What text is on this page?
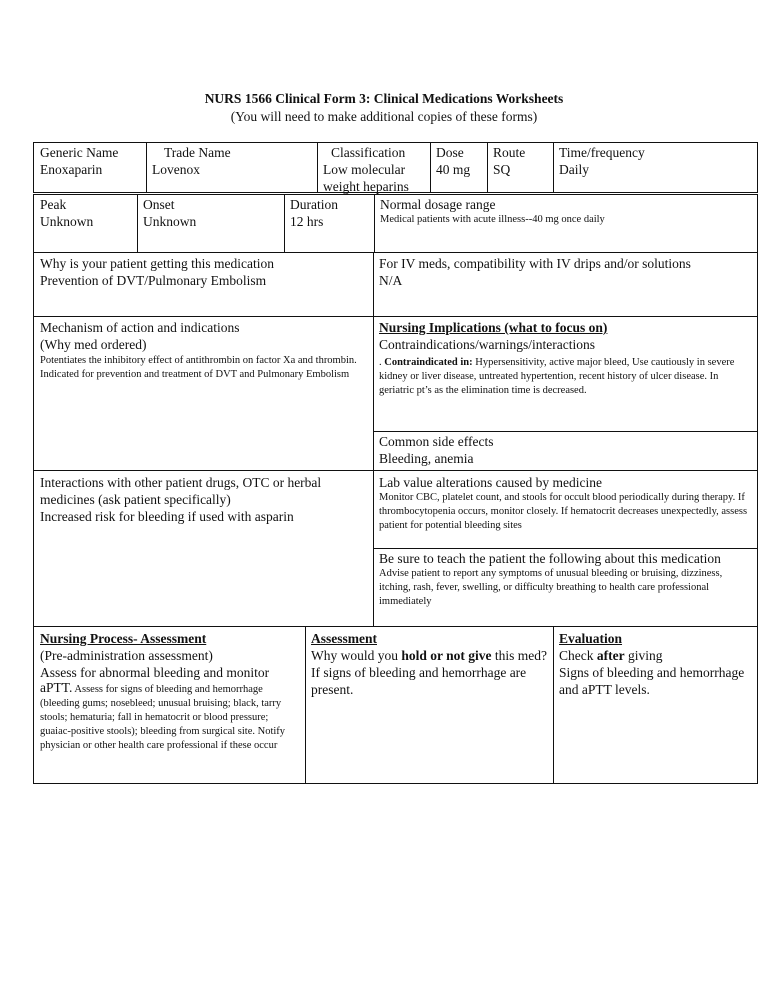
NURS 1566 Clinical Form 3: Clinical Medications Worksheets
(You will need to make additional copies of these forms)

Generic Name

Enoxaparin

Trade Name

Lovenox

Classification

Low molecular

weight heparins

Dose

40 mg

Route

SQ

Time/frequency

Daily

Peak

Unknown

Onset

Unknown

Duration

12 hrs

Normal dosage range

Medical patients with acute illness--40 mg once daily

Why is your patient getting this medication

Prevention of DVT/Pulmonary Embolism

For IV meds, compatibility with IV drips and/or solutions

N/A

Mechanism of action and indications

(Why med ordered)

Potentiates the inhibitory effect of antithrombin on factor Xa and thrombin. Indicated for prevention and treatment of DVT and Pulmonary Embolism

Nursing Implications (what to focus on)

Contraindications/warnings/interactions

. Contraindicated in: Hypersensitivity, active major bleed, Use cautiously in severe kidney or liver disease, untreated hypertention, recent history of ulcer disease. In geriatric pt’s as the elimination time is decreased.

Common side effects

Bleeding, anemia

Interactions with other patient drugs, OTC or herbal medicines (ask patient specifically)

Increased risk for bleeding if used with asparin

Lab value alterations caused by medicine

Monitor CBC, platelet count, and stools for occult blood periodically during therapy. If thrombocytopenia occurs, monitor closely. If hematocrit decreases unexpectedly, assess patient for potential bleeding sites

Be sure to teach the patient the following about this medication

Advise patient to report any symptoms of unusual bleeding or bruising, dizziness, itching, rash, fever, swelling, or difficulty breathing to health care professional immediately

Nursing Process- Assessment

(Pre-administration assessment)

Assess for abnormal bleeding and monitor

aPTT. Assess for signs of bleeding and hemorrhage (bleeding gums; nosebleed; unusual bruising; black, tarry stools; hematuria; fall in hematocrit or blood pressure; guaiac-positive stools); bleeding from surgical site. Notify physician or other health care professional if these occur

Assessment

Why would you hold or not give this med?

If signs of bleeding and hemorrhage are present.

Evaluation

Check after giving

Signs of bleeding and hemorrhage and aPTT levels.
